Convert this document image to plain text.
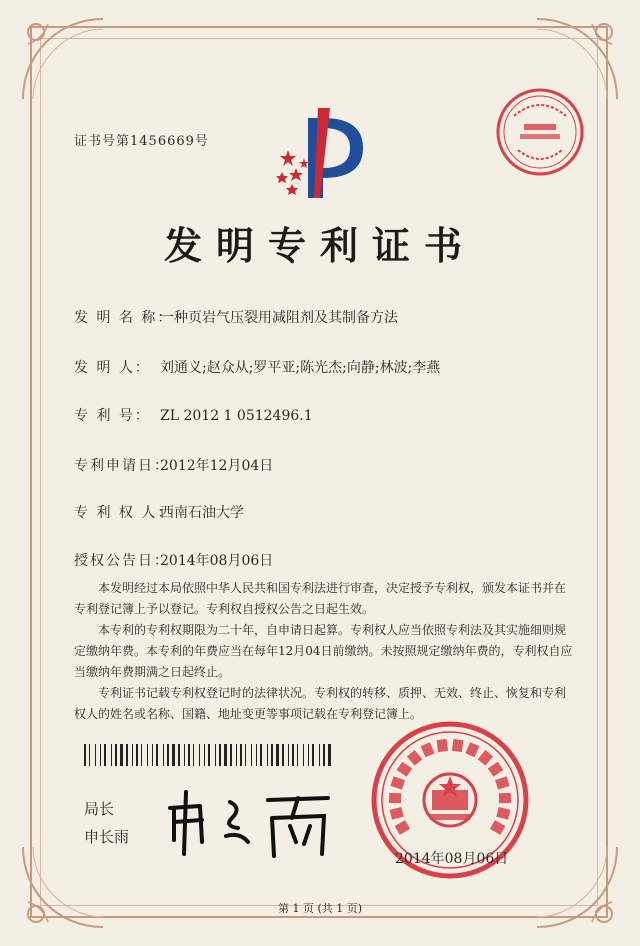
证书号第1456669号
发明专利证书
发 明 名 称：一种页岩气压裂用减阻剂及其制备方法
发 明 人： 刘通义;赵众从;罗平亚;陈光杰;向静;林波;李燕
专 利 号： ZL 2012 1 0512496.1
专利申请日：2012年12月04日
专 利 权 人：西南石油大学
授权公告日：2014年08月06日

本发明经过本局依照中华人民共和国专利法进行审查，决定授予专利权，颁发本证书并在专利登记簿上予以登记。专利权自授权公告之日起生效。

本专利的专利权期限为二十年，自申请日起算。专利权人应当依照专利法及其实施细则规定缴纳年费。本专利的年费应当在每年12月04日前缴纳。未按照规定缴纳年费的，专利权自应当缴纳年费期满之日起终止。

专利证书记载专利权登记时的法律状况。专利权的转移、质押、无效、终止、恢复和专利权人的姓名或名称、国籍、地址变更等事项记载在专利登记簿上。

局长
申长雨
2014年08月06日
第 1 页 (共 1 页)
